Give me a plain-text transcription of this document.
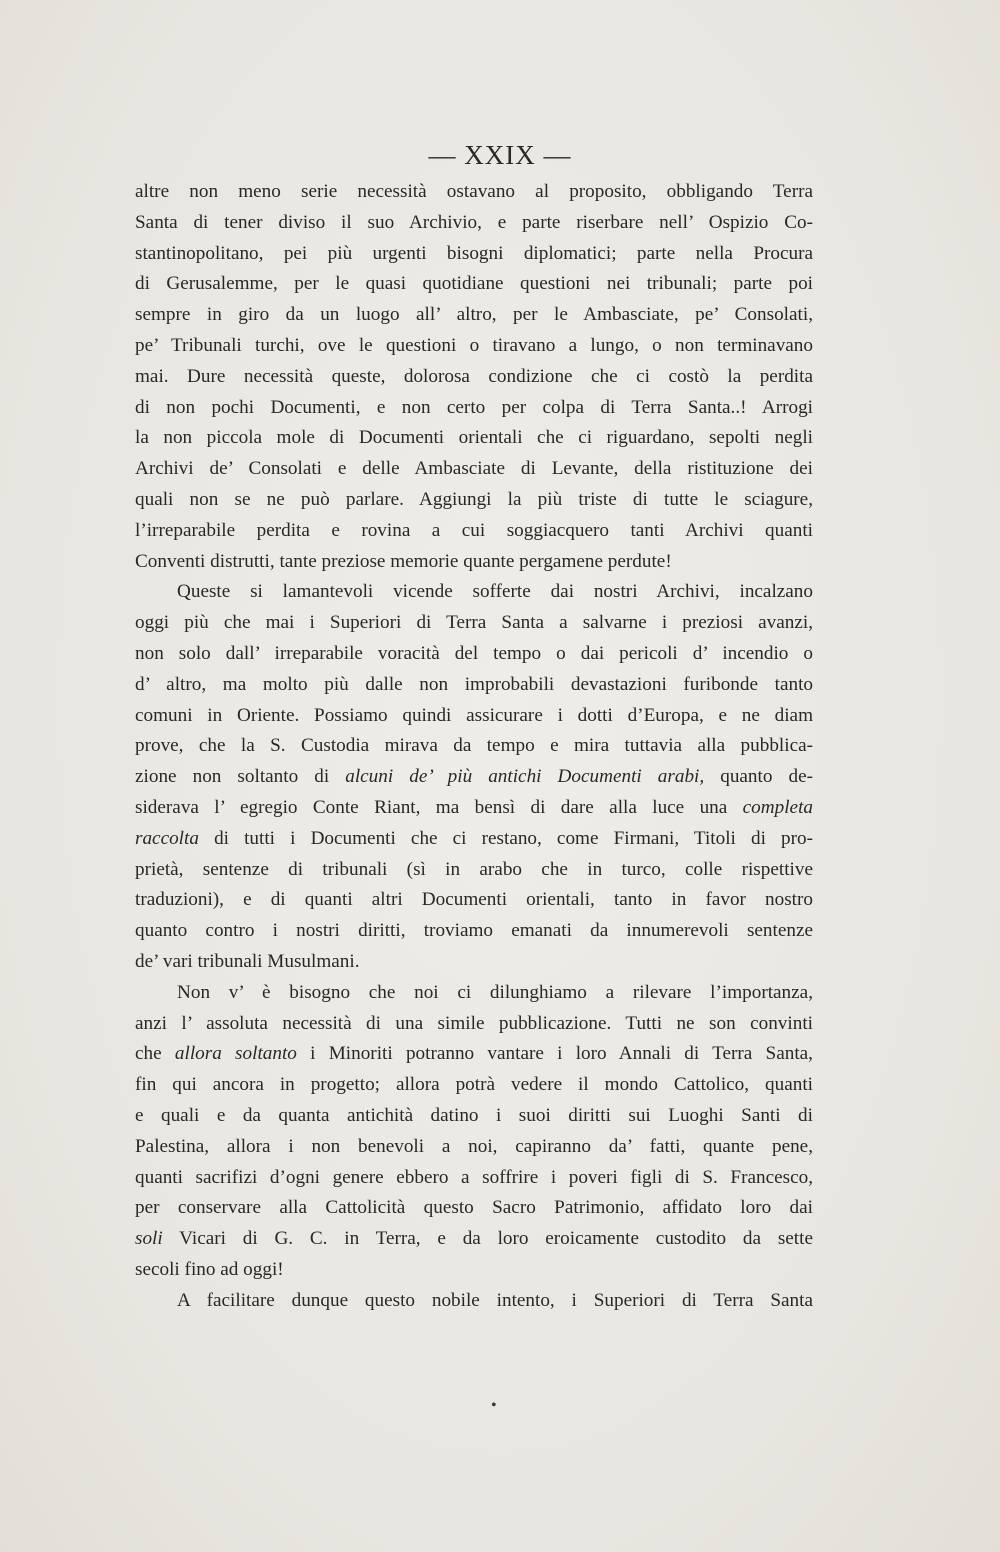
— XXIX —
altre non meno serie necessità ostavano al proposito, obbligando Terra
Santa di tener diviso il suo Archivio, e parte riserbare nell’ Ospizio Co-
stantinopolitano, pei più urgenti bisogni diplomatici; parte nella Procura
di Gerusalemme, per le quasi quotidiane questioni nei tribunali; parte poi
sempre in giro da un luogo all’ altro, per le Ambasciate, pe’ Consolati,
pe’ Tribunali turchi, ove le questioni o tiravano a lungo, o non terminavano
mai. Dure necessità queste, dolorosa condizione che ci costò la perdita
di non pochi Documenti, e non certo per colpa di Terra Santa..! Arrogi
la non piccola mole di Documenti orientali che ci riguardano, sepolti negli
Archivi de’ Consolati e delle Ambasciate di Levante, della ristituzione dei
quali non se ne può parlare. Aggiungi la più triste di tutte le sciagure,
l’irreparabile perdita e rovina a cui soggiacquero tanti Archivi quanti
Conventi distrutti, tante preziose memorie quante pergamene perdute!
Queste si lamantevoli vicende sofferte dai nostri Archivi, incalzano
oggi più che mai i Superiori di Terra Santa a salvarne i preziosi avanzi,
non solo dall’ irreparabile voracità del tempo o dai pericoli d’ incendio o
d’ altro, ma molto più dalle non improbabili devastazioni furibonde tanto
comuni in Oriente. Possiamo quindi assicurare i dotti d’Europa, e ne diam
prove, che la S. Custodia mirava da tempo e mira tuttavia alla pubblica-
zione non soltanto di alcuni de’ più antichi Documenti arabi, quanto de-
siderava l’ egregio Conte Riant, ma bensì di dare alla luce una completa
raccolta di tutti i Documenti che ci restano, come Firmani, Titoli di pro-
prietà, sentenze di tribunali (sì in arabo che in turco, colle rispettive
traduzioni), e di quanti altri Documenti orientali, tanto in favor nostro
quanto contro i nostri diritti, troviamo emanati da innumerevoli sentenze
de’ vari tribunali Musulmani.
Non v’ è bisogno che noi ci dilunghiamo a rilevare l’importanza,
anzi l’ assoluta necessità di una simile pubblicazione. Tutti ne son convinti
che allora soltanto i Minoriti potranno vantare i loro Annali di Terra Santa,
fin qui ancora in progetto; allora potrà vedere il mondo Cattolico, quanti
e quali e da quanta antichità datino i suoi diritti sui Luoghi Santi di
Palestina, allora i non benevoli a noi, capiranno da’ fatti, quante pene,
quanti sacrifizi d’ogni genere ebbero a soffrire i poveri figli di S. Francesco,
per conservare alla Cattolicità questo Sacro Patrimonio, affidato loro dai
soli Vicari di G. C. in Terra, e da loro eroicamente custodito da sette
secoli fino ad oggi!
A facilitare dunque questo nobile intento, i Superiori di Terra Santa
•
